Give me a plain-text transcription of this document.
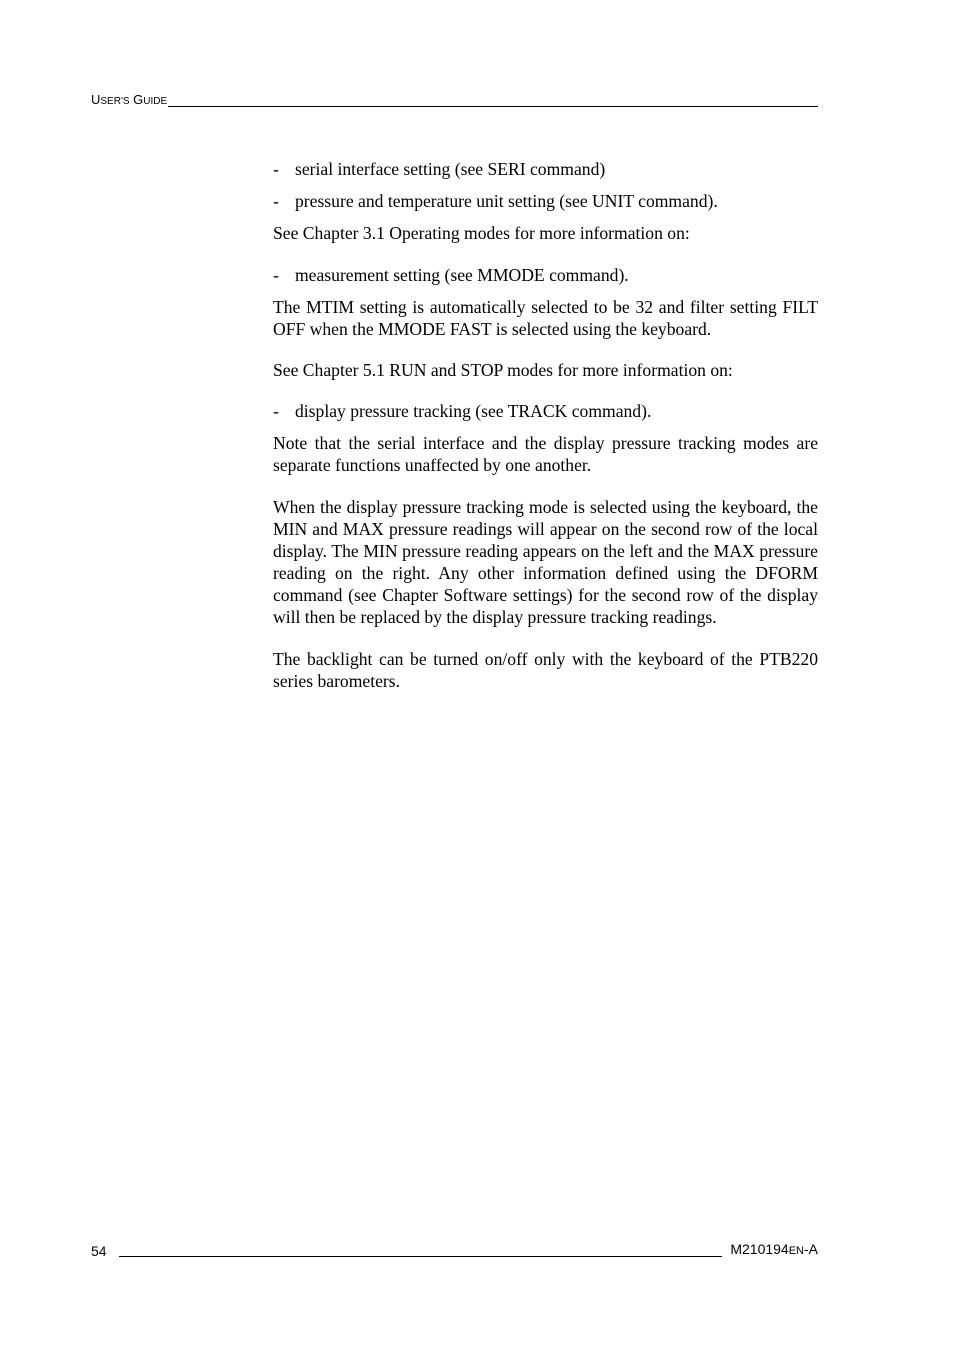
USER'S GUIDE

- serial interface setting (see SERI command)

- pressure and temperature unit setting (see UNIT command).

See Chapter 3.1 Operating modes for more information on:

- measurement setting (see MMODE command).

The MTIM setting is automatically selected to be 32 and filter setting FILT OFF when the MMODE FAST is selected using the keyboard.

See Chapter 5.1 RUN and STOP modes for more information on:

- display pressure tracking (see TRACK command).

Note that the serial interface and the display pressure tracking modes are separate functions unaffected by one another.

When the display pressure tracking mode is selected using the keyboard, the MIN and MAX pressure readings will appear on the second row of the local display. The MIN pressure reading appears on the left and the MAX pressure reading on the right. Any other information defined using the DFORM command (see Chapter Software settings) for the second row of the display will then be replaced by the display pressure tracking readings.

The backlight can be turned on/off only with the keyboard of the PTB220 series barometers.

54	M210194EN-A
